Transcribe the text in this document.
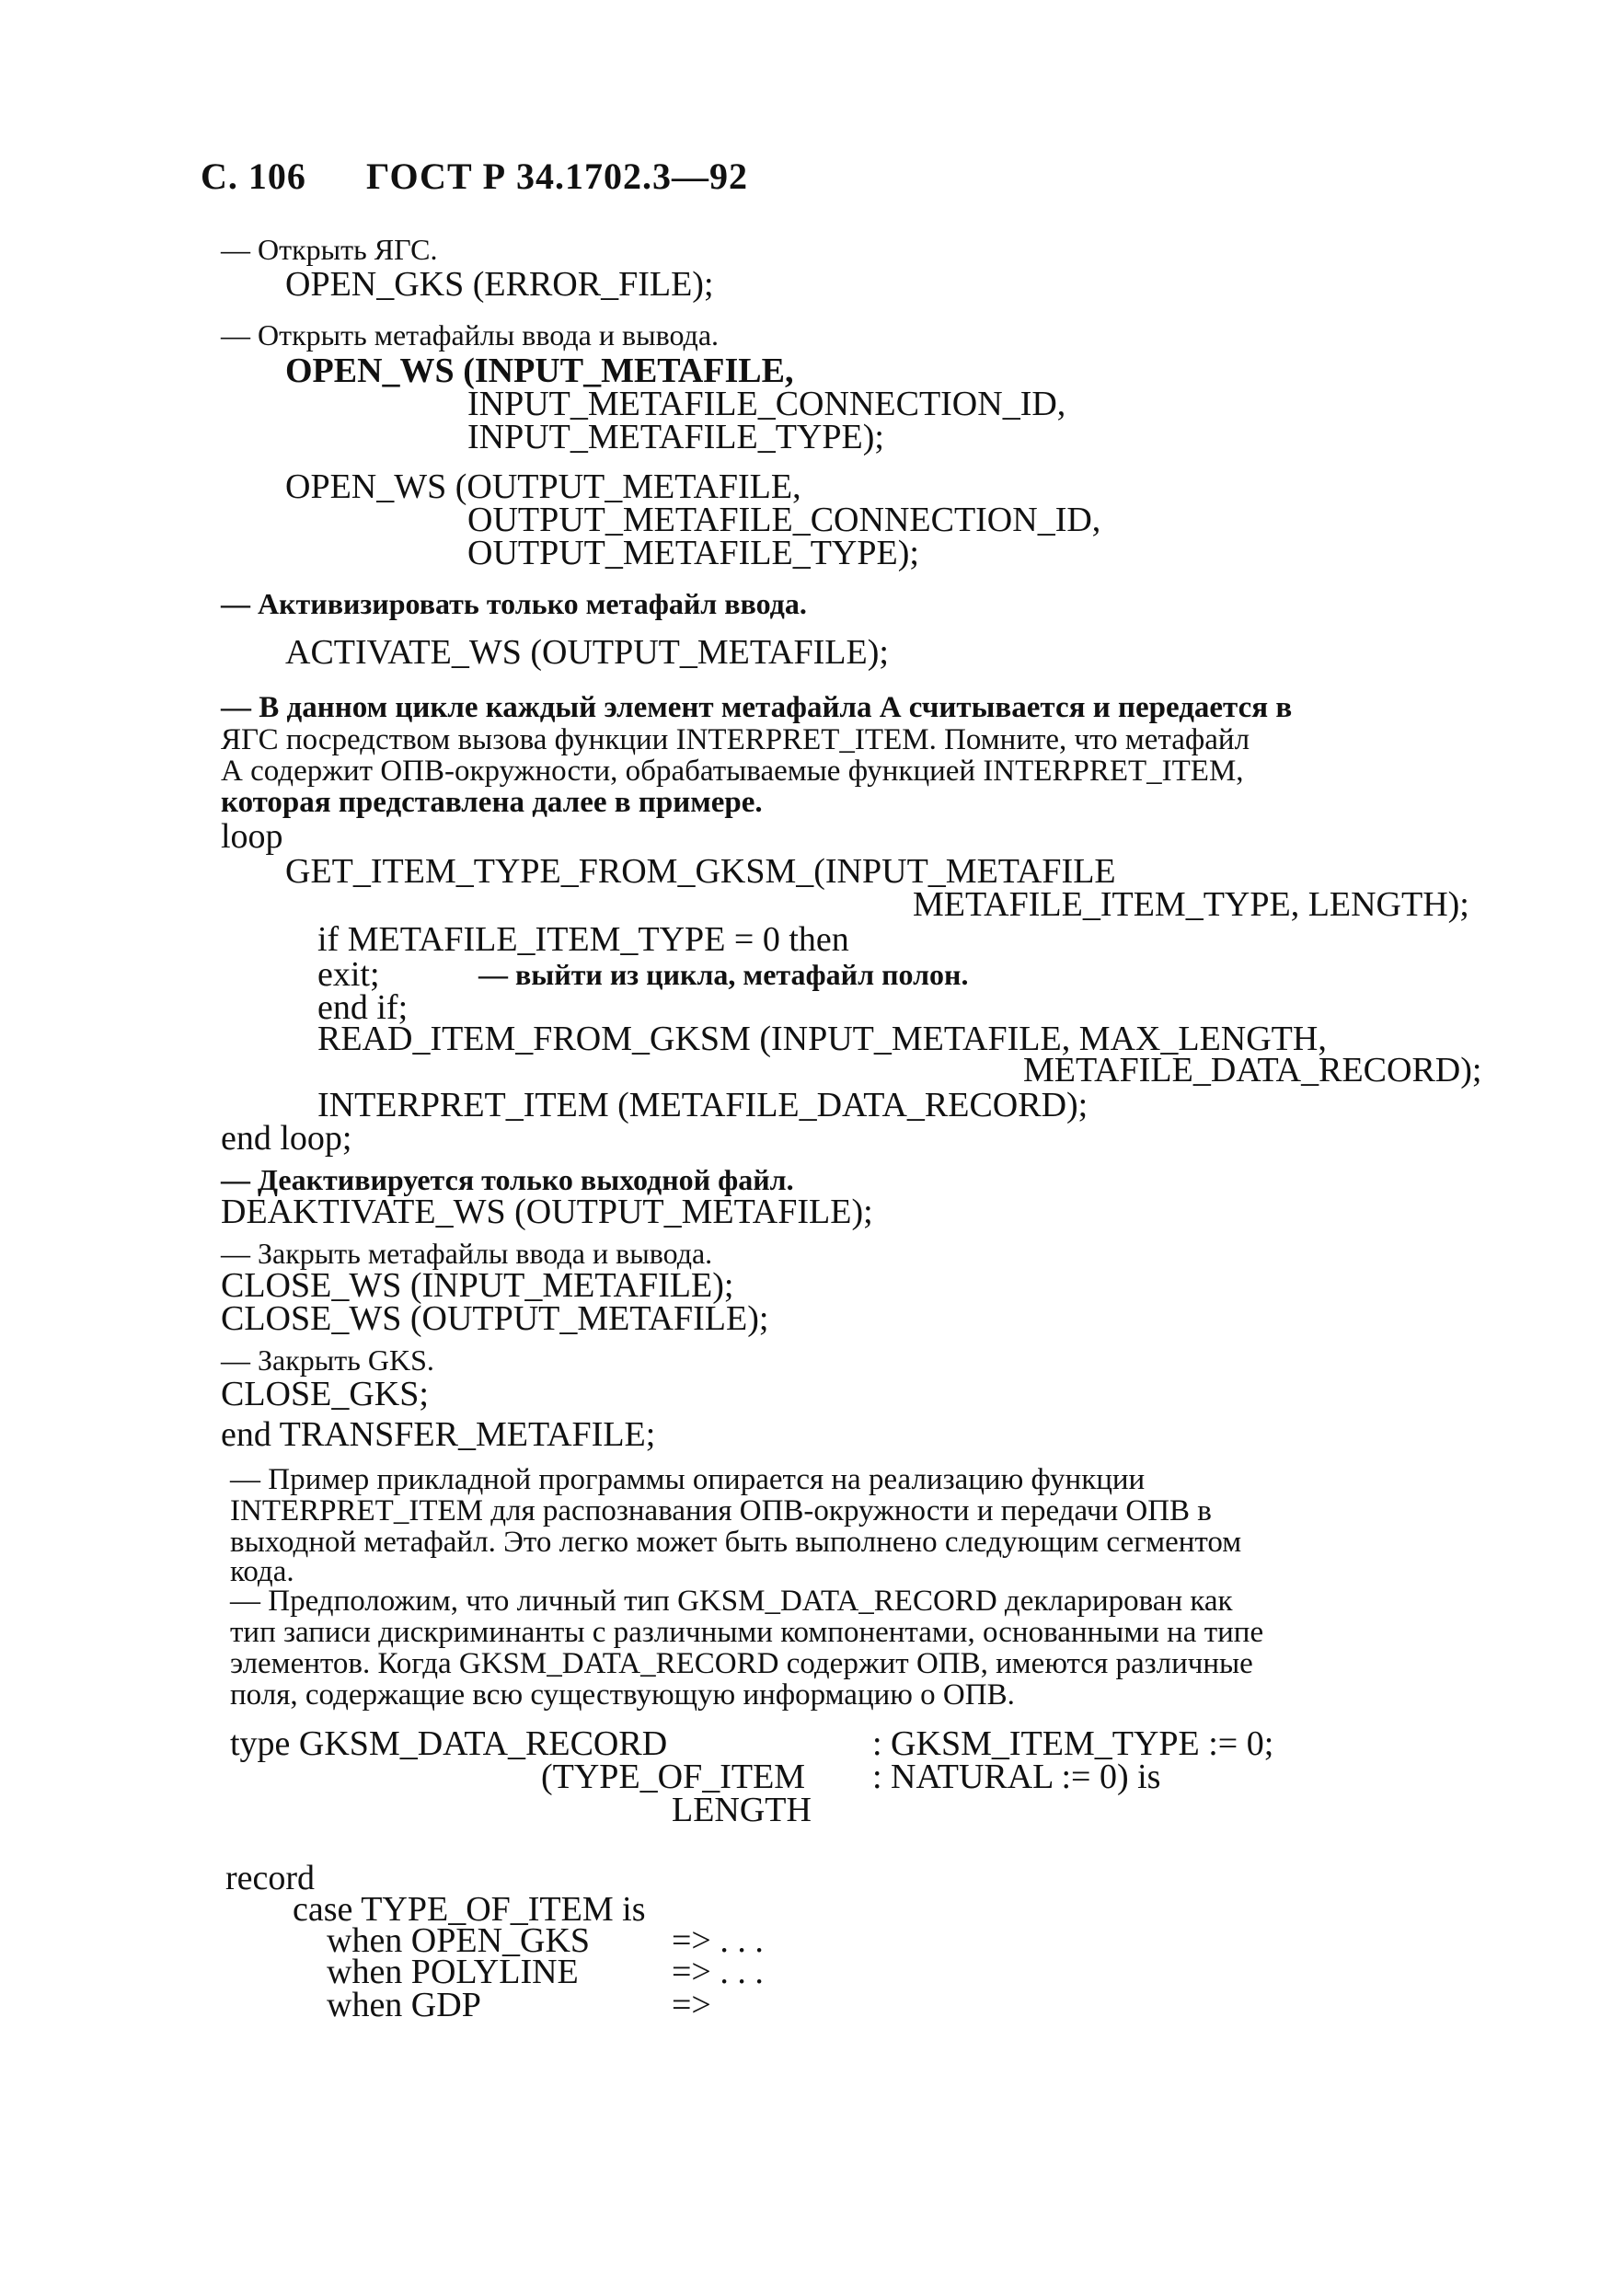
С. 106 ГОСТ Р 34.1702.3—92
— Открыть ЯГС.
OPEN_GKS (ERROR_FILE);
— Открыть метафайлы ввода и вывода.
OPEN_WS (INPUT_METAFILE,
INPUT_METAFILE_CONNECTION_ID,
INPUT_METAFILE_TYPE);
OPEN_WS (OUTPUT_METAFILE,
OUTPUT_METAFILE_CONNECTION_ID,
OUTPUT_METAFILE_TYPE);
— Активизировать только метафайл ввода.
ACTIVATE_WS (OUTPUT_METAFILE);
— В данном цикле каждый элемент метафайла А считывается и передается в
ЯГС посредством вызова функции INTERPRET_ITEM. Помните, что метафайл
А содержит ОПВ-окружности, обрабатываемые функцией INTERPRET_ITEM,
которая представлена далее в примере.
loop
GET_ITEM_TYPE_FROM_GKSM_(INPUT_METAFILE
METAFILE_ITEM_TYPE, LENGTH);
if METAFILE_ITEM_TYPE = 0 then
exit;	— выйти из цикла, метафайл полон.
end if;
READ_ITEM_FROM_GKSM (INPUT_METAFILE, MAX_LENGTH,
METAFILE_DATA_RECORD);
INTERPRET_ITEM (METAFILE_DATA_RECORD);
end loop;
— Деактивируется только выходной файл.
DEAKTIVATE_WS (OUTPUT_METAFILE);
— Закрыть метафайлы ввода и вывода.
CLOSE_WS (INPUT_METAFILE);
CLOSE_WS (OUTPUT_METAFILE);
— Закрыть GKS.
CLOSE_GKS;
end TRANSFER_METAFILE;
— Пример прикладной программы опирается на реализацию функции
INTERPRET_ITEM для распознавания ОПВ-окружности и передачи ОПВ в
выходной метафайл. Это легко может быть выполнено следующим сегментом
кода.
— Предположим, что личный тип GKSM_DATA_RECORD декларирован как
тип записи дискриминанты с различными компонентами, основанными на типе
элементов. Когда GKSM_DATA_RECORD содержит ОПВ, имеются различные
поля, содержащие всю существующую информацию о ОПВ.
type GKSM_DATA_RECORD	: GKSM_ITEM_TYPE := 0;
(TYPE_OF_ITEM : NATURAL := 0) is
LENGTH
record
case TYPE_OF_ITEM is
when OPEN_GKS => . . .
when POLYLINE	=> . . .
when GDP	=>
